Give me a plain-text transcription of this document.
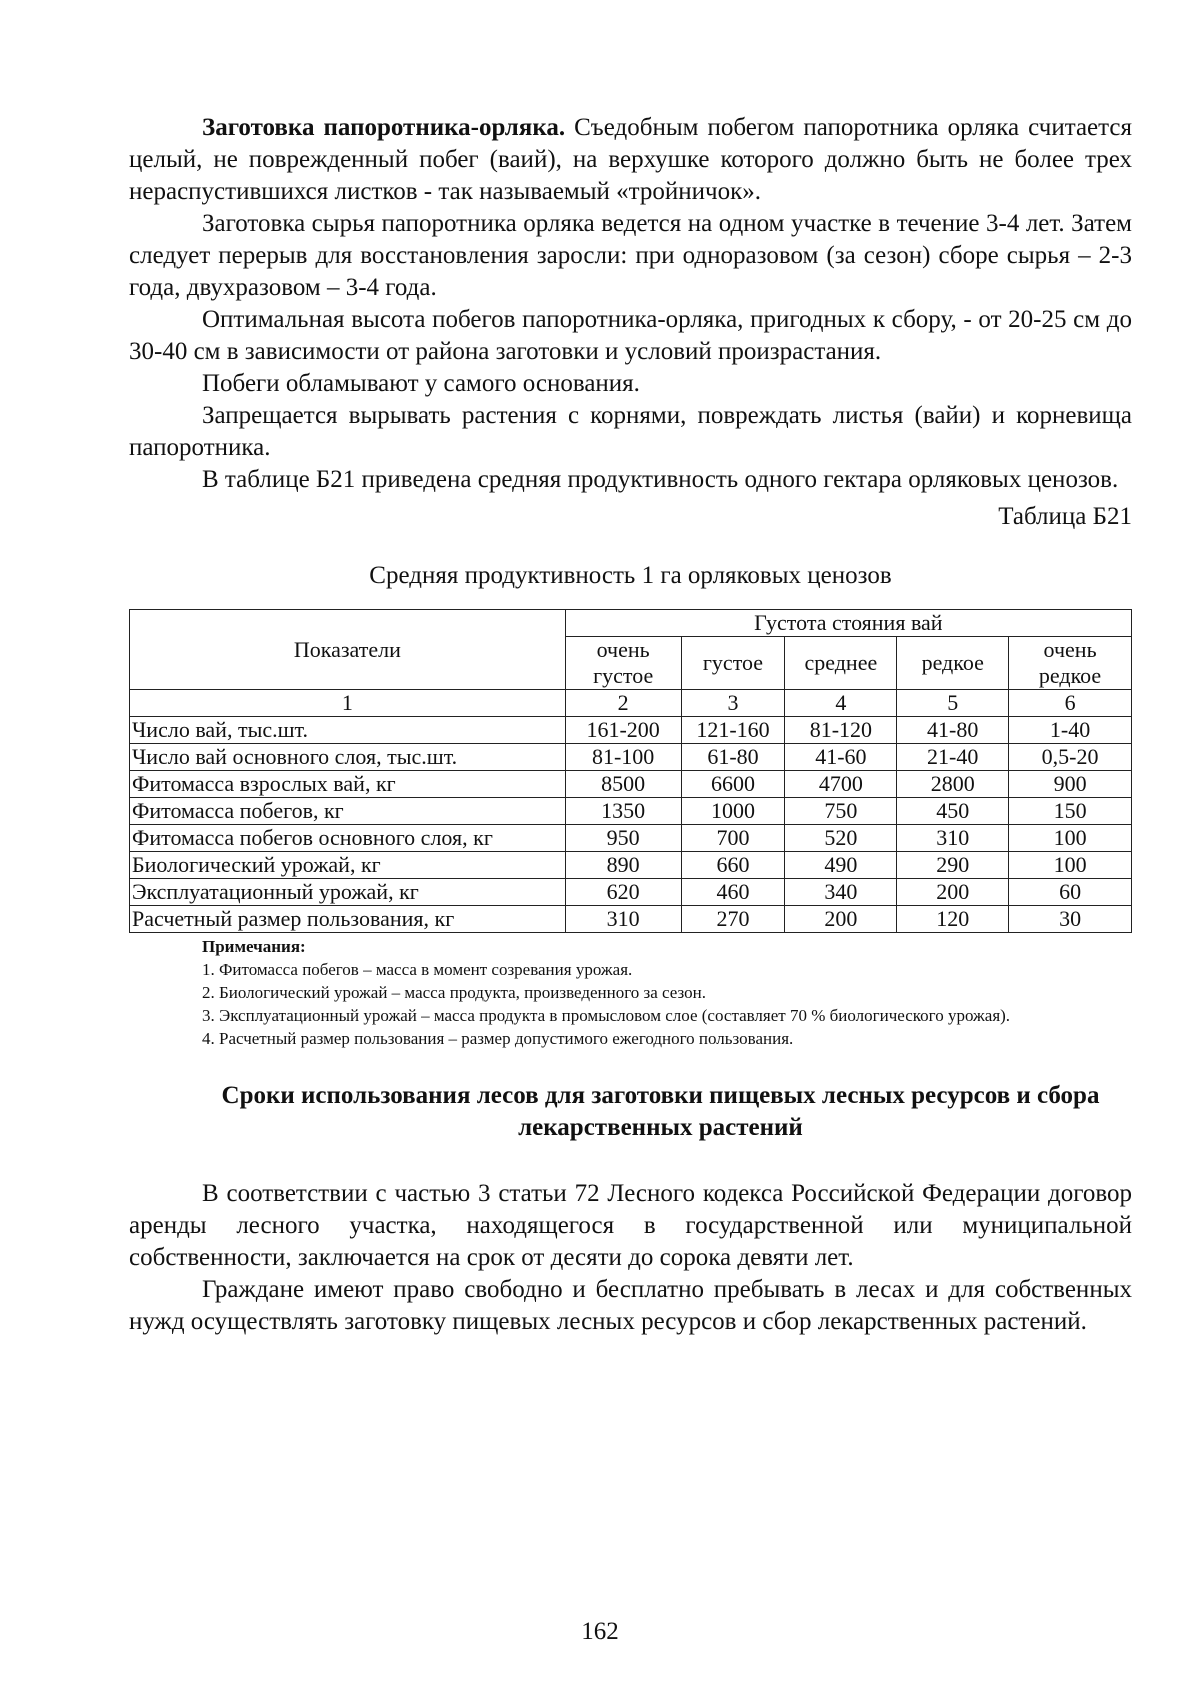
Заготовка папоротника-орляка. Съедобным побегом папоротника орляка считается целый, не поврежденный побег (ваий), на верхушке которого должно быть не более трех нераспустившихся листков - так называемый «тройничок».

Заготовка сырья папоротника орляка ведется на одном участке в течение 3-4 лет. Затем следует перерыв для восстановления заросли: при одноразовом (за сезон) сборе сырья – 2-3 года, двухразовом – 3-4 года.

Оптимальная высота побегов папоротника-орляка, пригодных к сбору, - от 20-25 см до 30-40 см в зависимости от района заготовки и условий произрастания.

Побеги обламывают у самого основания.

Запрещается вырывать растения с корнями, повреждать листья (вайи) и корневища папоротника.

В таблице Б21 приведена средняя продуктивность одного гектара орляковых ценозов.

Таблица Б21
Средняя продуктивность 1 га орляковых ценозов
Показатели	Густота стояния вай				
	очень густое	густое	среднее	редкое	очень редкое
1	2	3	4	5	6
Число вай, тыс.шт.	161-200	121-160	81-120	41-80	1-40
Число вай основного слоя, тыс.шт.	81-100	61-80	41-60	21-40	0,5-20
Фитомасса взрослых вай, кг	8500	6600	4700	2800	900
Фитомасса побегов, кг	1350	1000	750	450	150
Фитомасса побегов основного слоя, кг	950	700	520	310	100
Биологический урожай, кг	890	660	490	290	100
Эксплуатационный урожай, кг	620	460	340	200	60
Расчетный размер пользования, кг	310	270	200	120	30
Примечания:
1. Фитомасса побегов – масса в момент созревания урожая.
2. Биологический урожай – масса продукта, произведенного за сезон.
3. Эксплуатационный урожай – масса продукта в промысловом слое (составляет 70 % биологического урожая).
4. Расчетный размер пользования – размер допустимого ежегодного пользования.
Сроки использования лесов для заготовки пищевых лесных ресурсов и сбора лекарственных растений

В соответствии с частью 3 статьи 72 Лесного кодекса Российской Федерации договор аренды лесного участка, находящегося в государственной или муниципальной собственности, заключается на срок от десяти до сорока девяти лет.

Граждане имеют право свободно и бесплатно пребывать в лесах и для собственных нужд осуществлять заготовку пищевых лесных ресурсов и сбор лекарственных растений.

162
